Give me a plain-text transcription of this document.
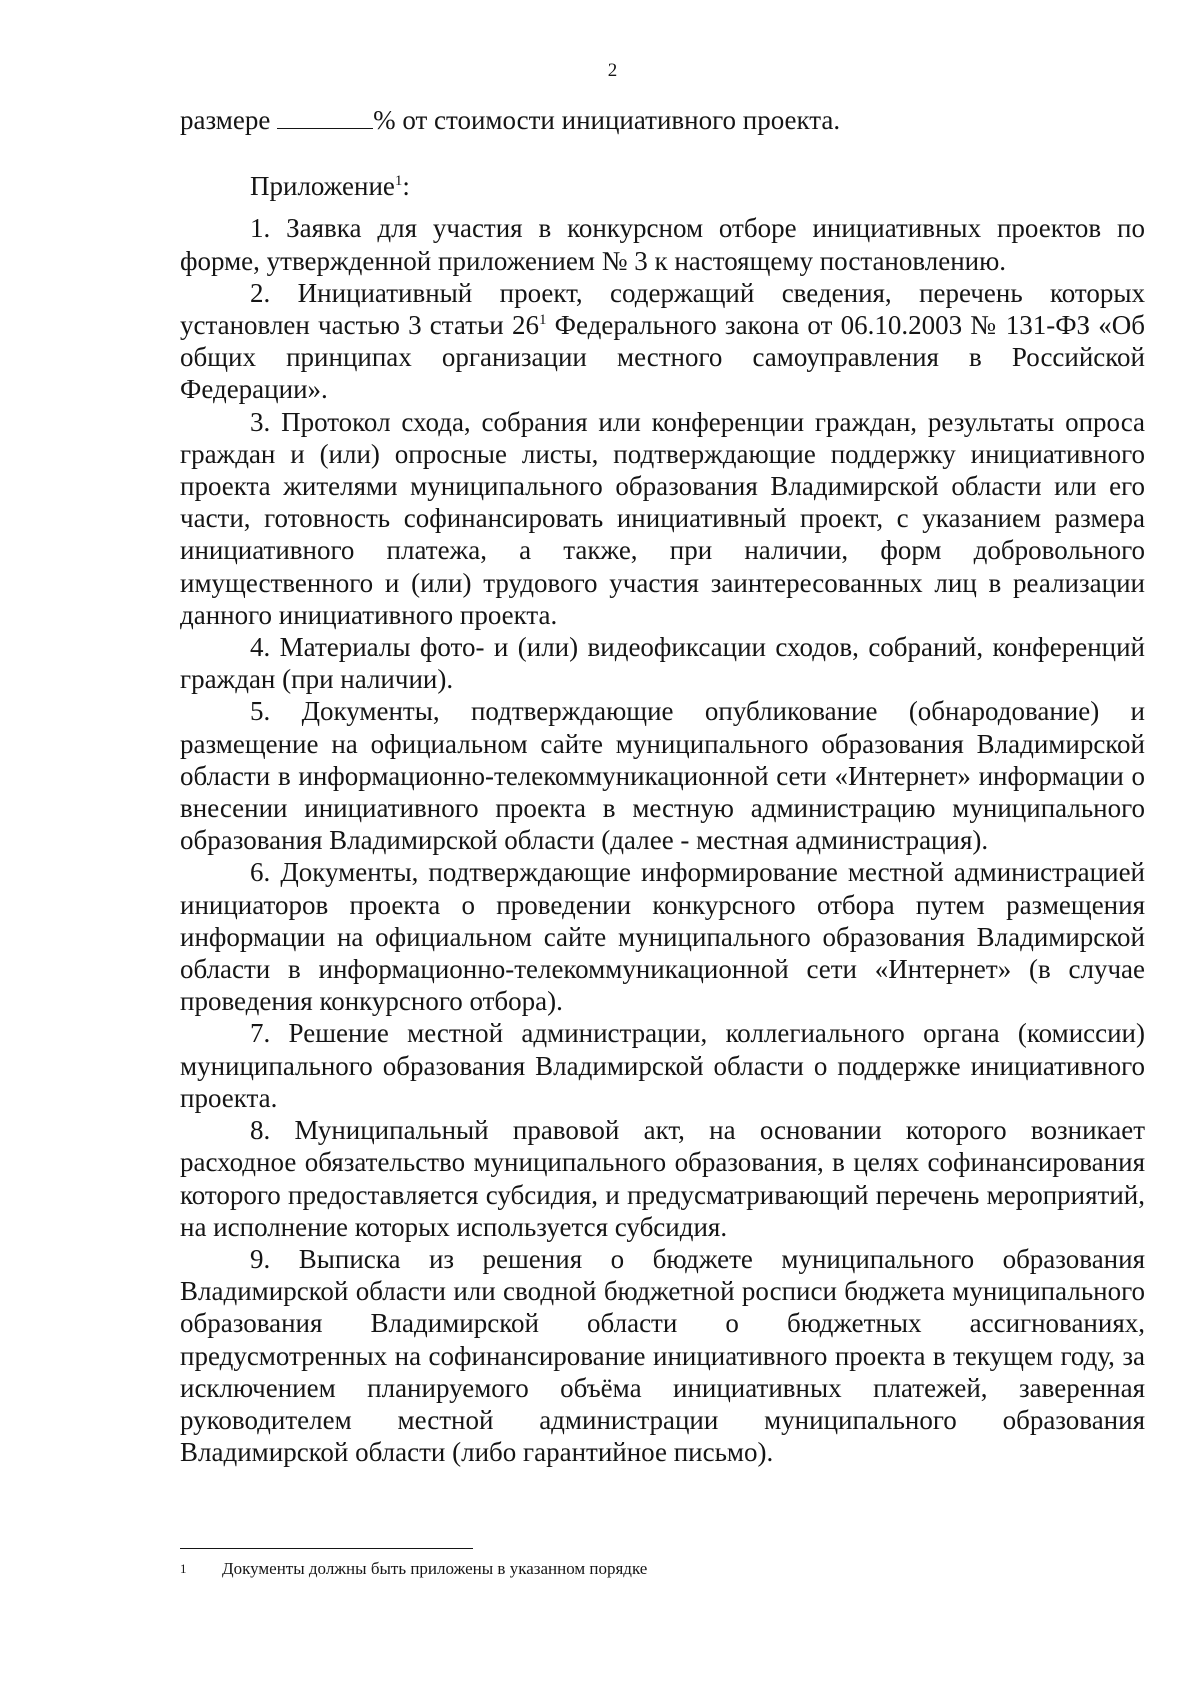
2

размере	% от стоимости инициативного проекта.

Приложение$^1$:

1. Заявка для участия в конкурсном отборе инициативных проектов по форме, утвержденной приложением № 3 к настоящему постановлению.

2. Инициативный проект, содержащий сведения, перечень которых установлен частью 3 статьи $26^1$ Федерального закона от 06.10.2003 № 131-ФЗ «Об общих принципах организации местного самоуправления в Российской Федерации».

3. Протокол схода, собрания или конференции граждан, результаты опроса граждан и (или) опросные листы, подтверждающие поддержку инициативного проекта жителями муниципального образования Владимирской области или его части, готовность софинансировать инициативный проект, с указанием размера инициативного платежа, а также, при наличии, форм добровольного имущественного и (или) трудового участия заинтересованных лиц в реализации данного инициативного проекта.

4. Материалы фото- и (или) видеофиксации сходов, собраний, конференций граждан (при наличии).

5. Документы, подтверждающие опубликование (обнародование) и размещение на официальном сайте муниципального образования Владимирской области в информационно-телекоммуникационной сети «Интернет» информации о внесении инициативного проекта в местную администрацию муниципального образования Владимирской области (далее - местная администрация).

6. Документы, подтверждающие информирование местной администрацией инициаторов проекта о проведении конкурсного отбора путем размещения информации на официальном сайте муниципального образования Владимирской области в информационно-телекоммуникационной сети «Интернет» (в случае проведения конкурсного отбора).

7. Решение местной администрации, коллегиального органа (комиссии) муниципального образования Владимирской области о поддержке инициативного проекта.

8. Муниципальный правовой акт, на основании которого возникает расходное обязательство муниципального образования, в целях софинансирования которого предоставляется субсидия, и предусматривающий перечень мероприятий, на исполнение которых используется субсидия.

9. Выписка из решения о бюджете муниципального образования Владимирской области или сводной бюджетной росписи бюджета муниципального образования Владимирской области о бюджетных ассигнованиях, предусмотренных на софинансирование инициативного проекта в текущем году, за исключением планируемого объёма инициативных платежей, заверенная руководителем местной администрации муниципального образования Владимирской области (либо гарантийное письмо).

1 Документы должны быть приложены в указанном порядке
